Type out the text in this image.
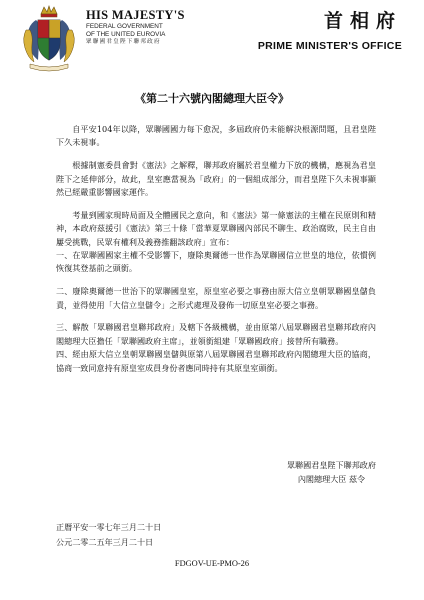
HIS MAJESTY'S
FEDERAL GOVERNMENT
OF THE UNITED EUROVIA
眾聯國君皇陛下聯邦政府
首相府
PRIME MINISTER'S OFFICE
《第二十六號內閣總理大臣令》

自平安104年以降，眾聯國國力每下愈況，多屆政府仍未能解決根源問題，且君皇陛下久未視事。

根據制憲委員會對《憲法》之解釋，聯邦政府屬於君皇權力下放的機構，應視為君皇陛下之延伸部分，故此，皇室應當視為「政府」的一個組成部分，而君皇陛下久未視事顯然已經嚴重影響國家運作。

考量到國家現時局面及全體國民之意向，和《憲法》第一條憲法的主權在民原則和精神，本政府茲援引《憲法》第三十條「當華夏眾聯國內部民不聊生、政治腐敗，民主自由屢受挑戰，民眾有權利及義務推翻該政府」宣布：

一、在眾聯國國家主權不受影響下，廢除奧爾德一世作為眾聯國信立世皇的地位，依慣例恢復其登基前之頭銜。

二、廢除奧爾德一世治下的眾聯國皇室，原皇室必要之事務由原大信立皇朝眾聯國皇儲負責，並得使用「大信立皇儲令」之形式處理及發佈一切原皇室必要之事務。

三、解散「眾聯國君皇聯邦政府」及轄下各級機構，並由原第八屆眾聯國君皇聯邦政府內閣總理大臣擔任「眾聯國政府主席」，並領銜組建「眾聯國政府」接替所有職務。

四、經由原大信立皇朝眾聯國皇儲與原第八屆眾聯國君皇聯邦政府內閣總理大臣的協商，協商一致同意持有原皇室成員身份者應同時持有其原皇室頭銜。

眾聯國君皇陛下聯邦政府
內閣總理大臣 茲令
正曆平安一零七年三月二十日
公元二零二五年三月二十日
FDGOV-UE-PMO-26
